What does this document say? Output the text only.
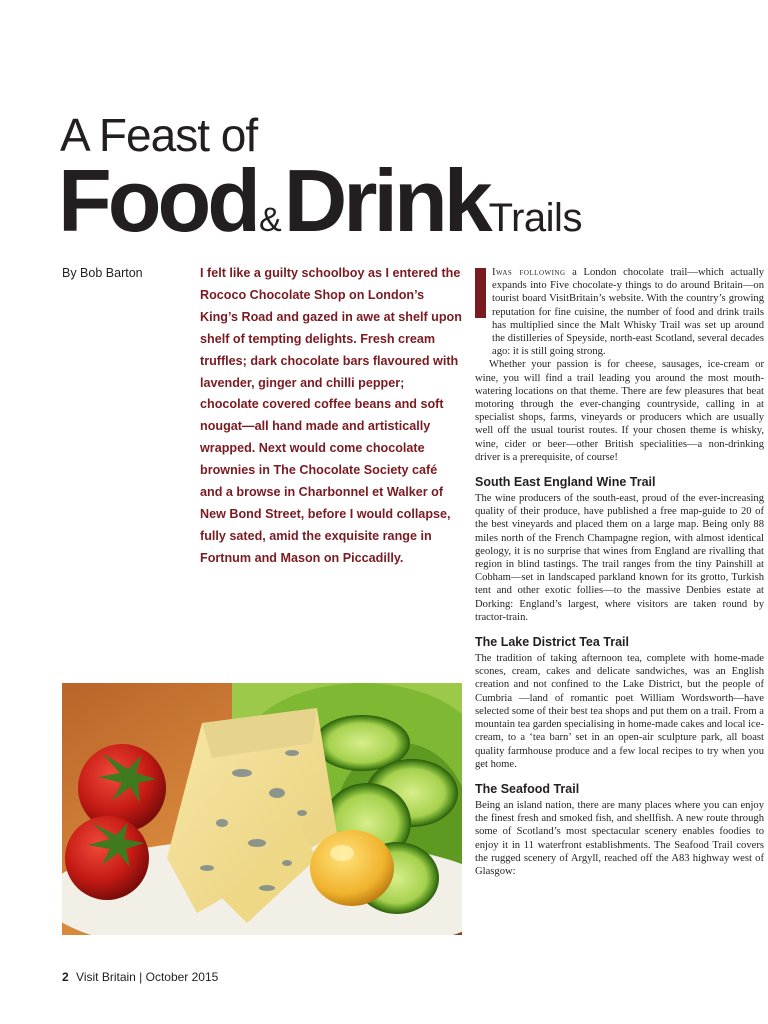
A Feast of
Food&DrinkTrails
By Bob Barton	I felt like a guilty schoolboy as I entered the Rococo Chocolate Shop on London’s King’s Road and gazed in awe at shelf upon shelf of tempting delights. Fresh cream truffles; dark chocolate bars flavoured with lavender, ginger and chilli pepper; chocolate covered coffee beans and soft nougat—all hand made and artistically wrapped. Next would come chocolate brownies in The Chocolate Society café and a browse in Charbonnel et Walker of New Bond Street, before I would collapse, fully sated, amid the exquisite range in Fortnum and Mason on Piccadilly.

Iwas following a London chocolate trail—which actually expands into Five chocolate-y things to do around Britain—on tourist board VisitBritain’s website. With the country’s growing reputation for fine cuisine, the number of food and drink trails has multiplied since the Malt Whisky Trail was set up around the distilleries of Speyside, north-east Scotland, several decades ago: it is still going strong.

Whether your passion is for cheese, sausages, ice-cream or wine, you will find a trail leading you around the most mouth-watering locations on that theme. There are few pleasures that beat motoring through the ever-changing countryside, calling in at specialist shops, farms, vineyards or producers which are usually well off the usual tourist routes. If your chosen theme is whisky, wine, cider or beer—other British specialities—a non-drinking driver is a prerequisite, of course!

South East England Wine Trail

The wine producers of the south-east, proud of the ever-increasing quality of their produce, have published a free map-guide to 20 of the best vineyards and placed them on a large map. Being only 88 miles north of the French Champagne region, with almost identical geology, it is no surprise that wines from England are rivalling that region in blind tastings. The trail ranges from the tiny Painshill at Cobham—set in landscaped parkland known for its grotto, Turkish tent and other exotic follies—to the massive Denbies estate at Dorking: England’s largest, where visitors are taken round by tractor-train.

The Lake District Tea Trail

The tradition of taking afternoon tea, complete with home-made scones, cream, cakes and delicate sandwiches, was an English creation and not confined to the Lake District, but the people of Cumbria —land of romantic poet William Wordsworth—have selected some of their best tea shops and put them on a trail. From a mountain tea garden specialising in home-made cakes and local ice-cream, to a ‘tea barn’ set in an open-air sculpture park, all boast quality farmhouse produce and a few local recipes to try when you get home.

The Seafood Trail

Being an island nation, there are many places where you can enjoy the finest fresh and smoked fish, and shellfish. A new route through some of Scotland’s most spectacular scenery enables foodies to enjoy it in 11 waterfront establishments. The Seafood Trail covers the rugged scenery of Argyll, reached off the A83 highway west of Glasgow:

2 Visit Britain | October 2015
